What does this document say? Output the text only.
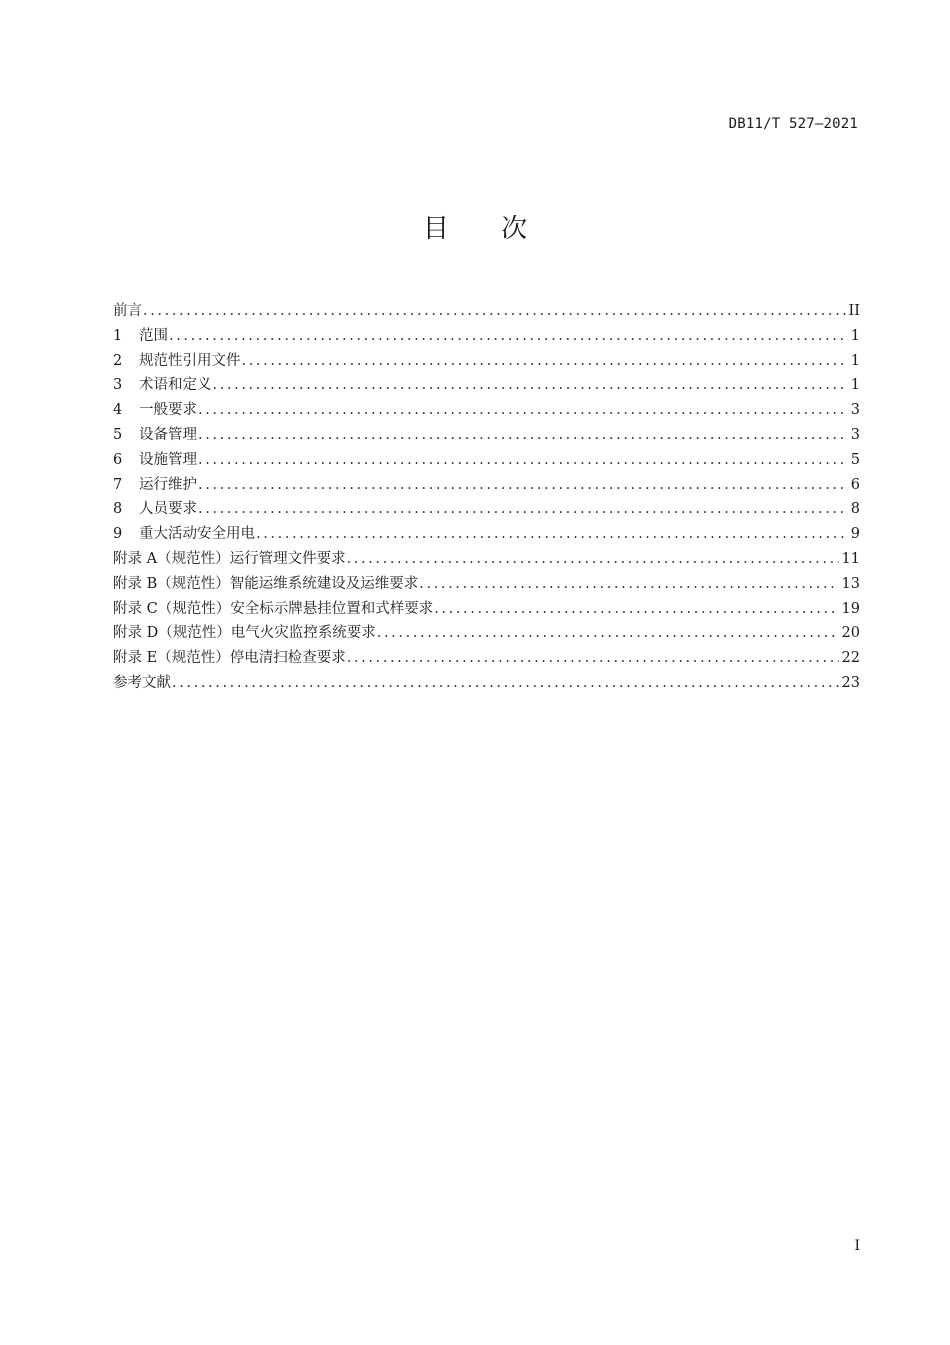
DB11/T 527—2021
目 次
前言 .....	II
1	范围 .....	1
2	规范性引用文件 .....	1
3	术语和定义 .....	1
4	一般要求 .....	3
5	设备管理 .....	3
6	设施管理 .....	5
7	运行维护 .....	6
8	人员要求 .....	8
9	重大活动安全用电 .....	9
附录 A（规范性）运行管理文件要求 .....	11
附录 B（规范性）智能运维系统建设及运维要求 .....	13
附录 C（规范性）安全标示牌悬挂位置和式样要求 .....	19
附录 D（规范性）电气火灾监控系统要求 .....	20
附录 E（规范性）停电清扫检查要求 .....	22
参考文献 .....	23
I
